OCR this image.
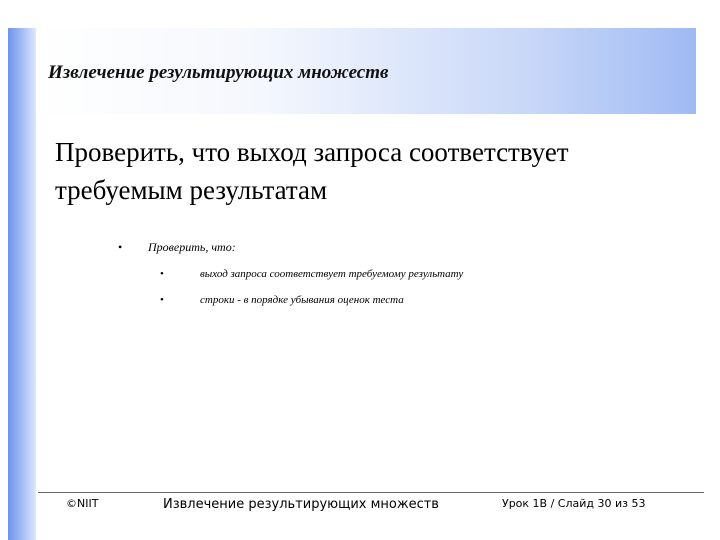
Извлечение результирующих множеств
Проверить, что выход запроса соответствует
требуемым результатам
• Проверить, что:
•	выход запроса соответствует требуемому результату
•	строки - в порядке убывания оценок теста
©NIIT	Извлечение результирующих множеств	Урок 1B / Слайд 30 из 53
